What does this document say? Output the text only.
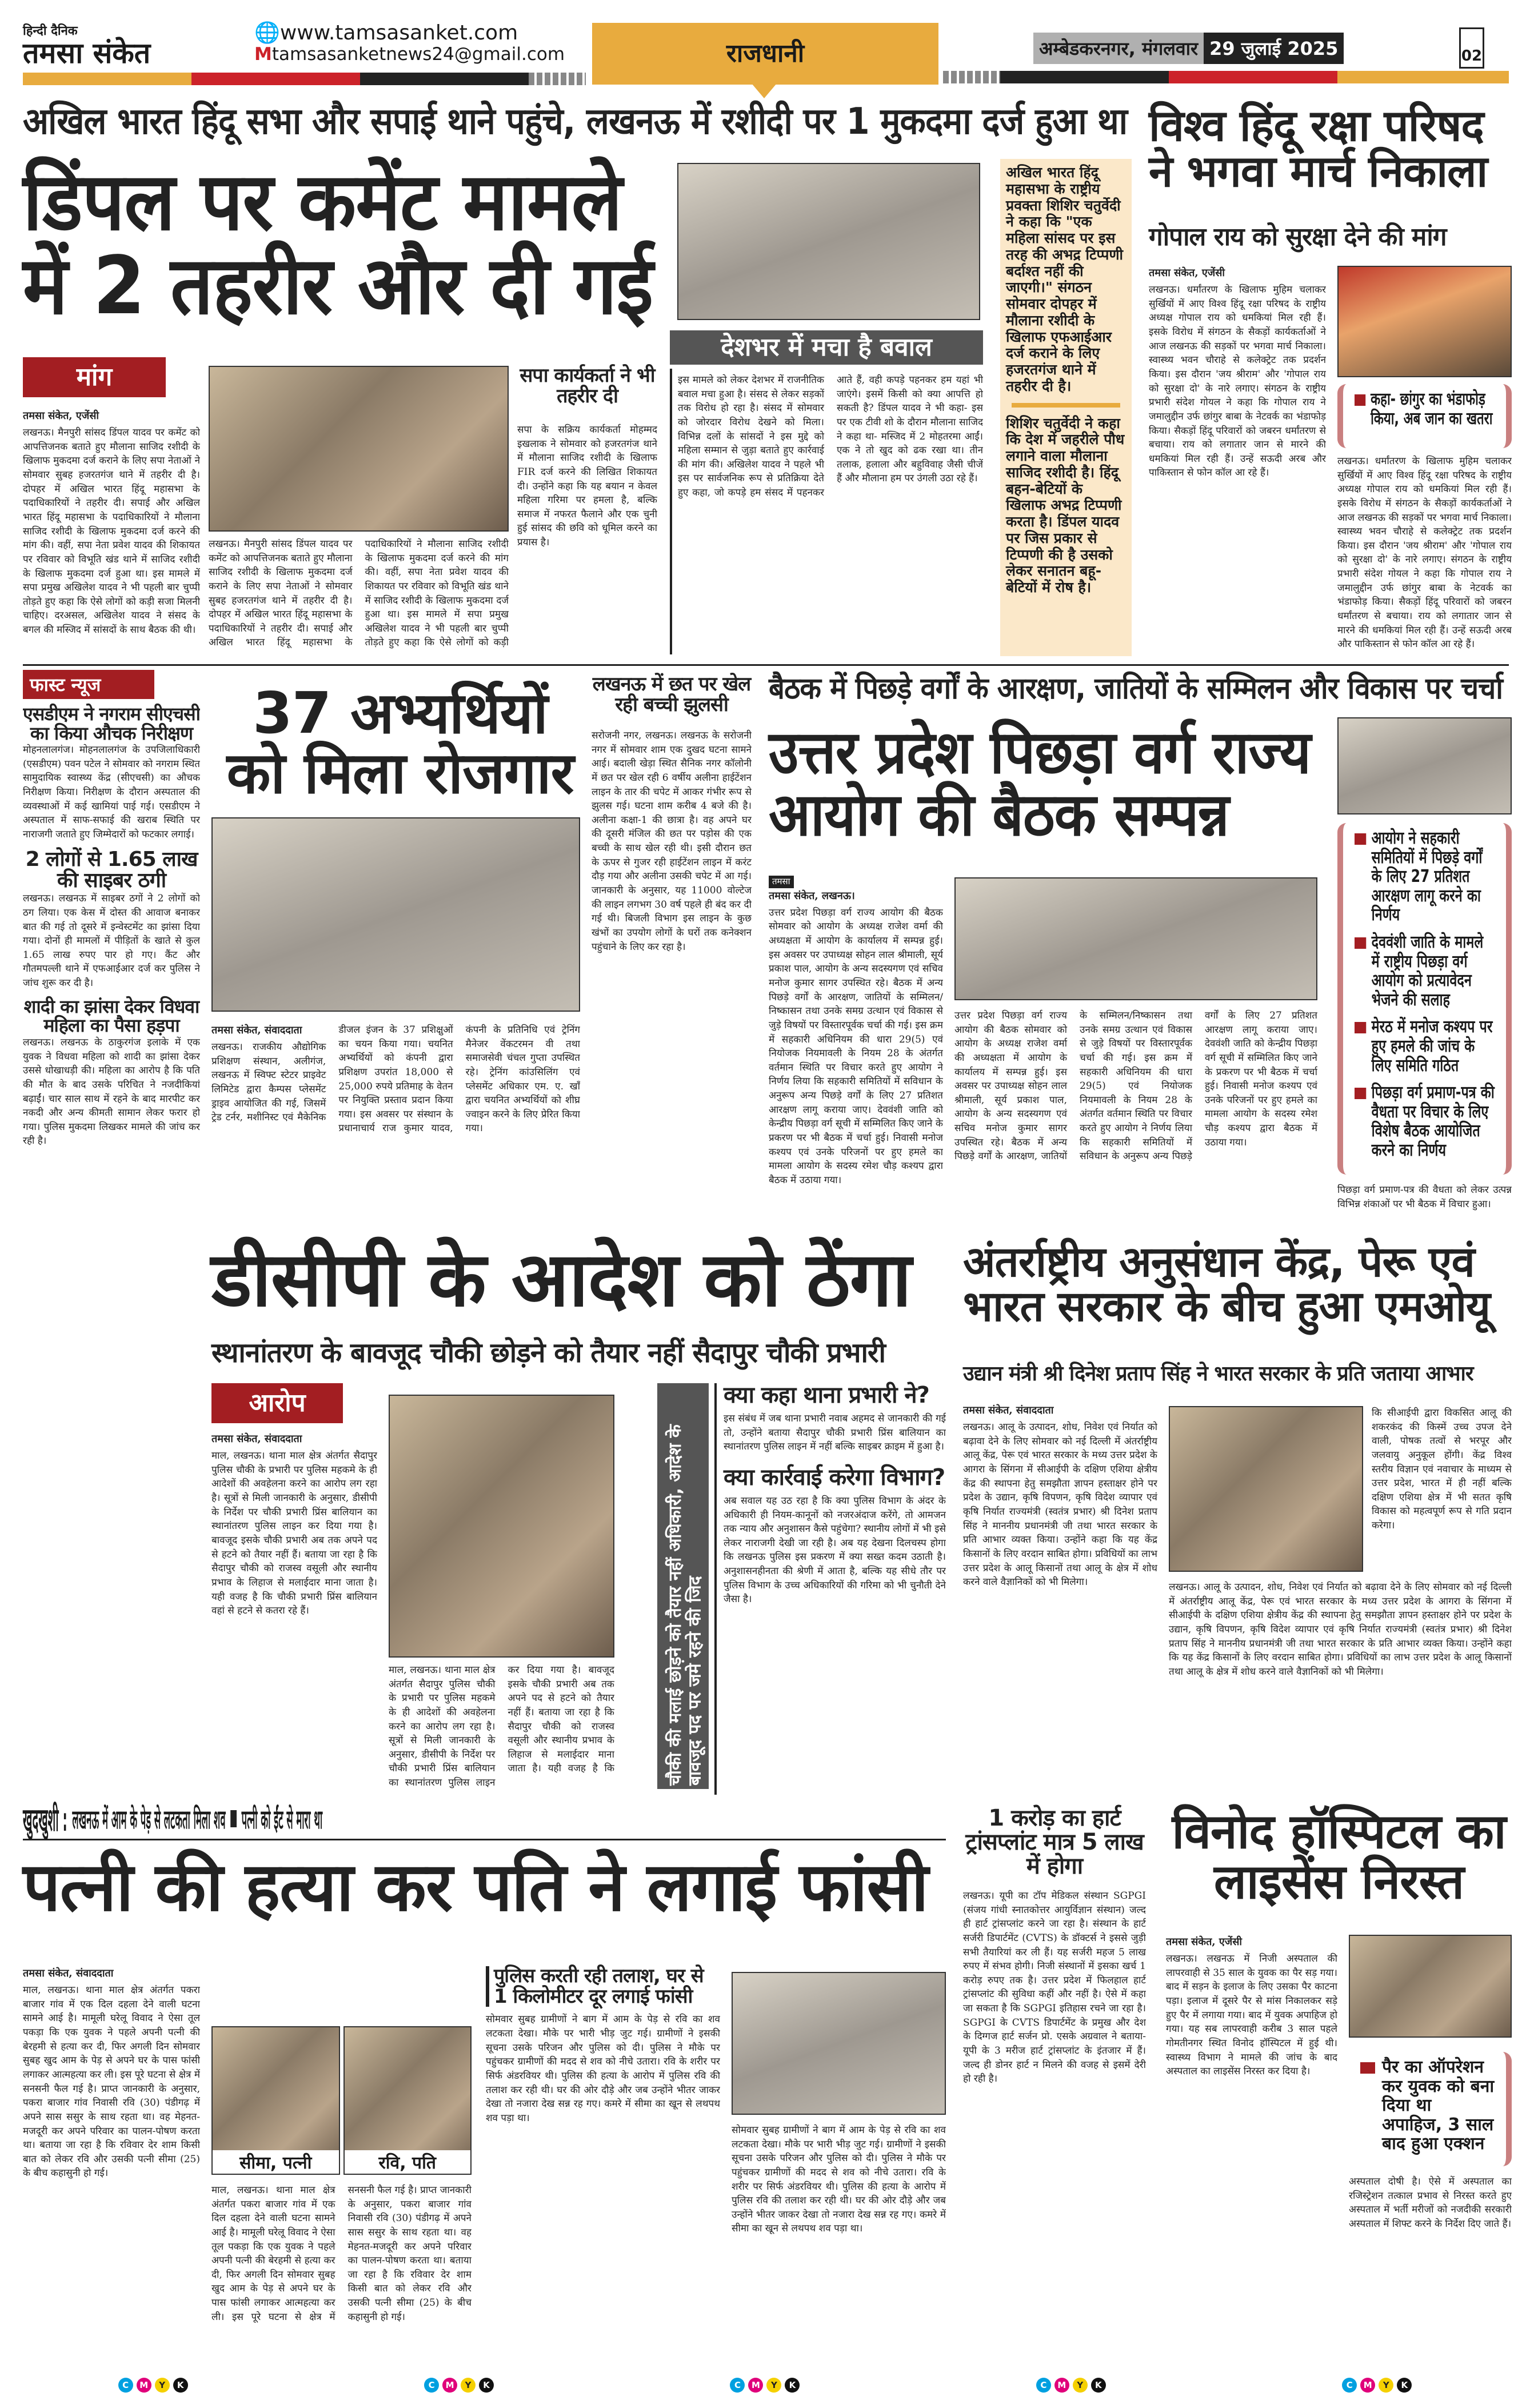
हिन्दी दैनिक
तमसा संकेत
🌐www.tamsasanket.com
Mtamsasanketnews24@gmail.com	राजधानी	अम्बेडकरनगर, मंगलवार 29 जुलाई 2025	02
अखिल भारत हिंदू सभा और सपाई थाने पहुंचे, लखनऊ में रशीदी पर 1 मुकदमा दर्ज हुआ था
डिंपल पर कमेंट मामले में 2 तहरीर और दी गई
मांग
तमसा संकेत, एजेंसी

लखनऊ। मैनपुरी सांसद डिंपल यादव पर कमेंट को आपत्तिजनक बताते हुए मौलाना साजिद रशीदी के खिलाफ मुकदमा दर्ज कराने के लिए सपा नेताओं ने सोमवार सुबह हजरतगंज थाने में तहरीर दी है। दोपहर में अखिल भारत हिंदू महासभा के पदाधिकारियों ने तहरीर दी। सपाई और अखिल भारत हिंदू महासभा के पदाधिकारियों ने मौलाना साजिद रशीदी के खिलाफ मुकदमा दर्ज करने की मांग की। वहीं, सपा नेता प्रवेश यादव की शिकायत पर रविवार को विभूति खंड थाने में साजिद रशीदी के खिलाफ मुकदमा दर्ज हुआ था। इस मामले में सपा प्रमुख अखिलेश यादव ने भी पहली बार चुप्पी तोड़ते हुए कहा कि ऐसे लोगों को कड़ी सजा मिलनी चाहिए। दरअसल, अखिलेश यादव ने संसद के बगल की मस्जिद में सांसदों के साथ बैठक की थी।

लखनऊ। मैनपुरी सांसद डिंपल यादव पर कमेंट को आपत्तिजनक बताते हुए मौलाना साजिद रशीदी के खिलाफ मुकदमा दर्ज कराने के लिए सपा नेताओं ने सोमवार सुबह हजरतगंज थाने में तहरीर दी है। दोपहर में अखिल भारत हिंदू महासभा के पदाधिकारियों ने तहरीर दी। सपाई और अखिल भारत हिंदू महासभा के पदाधिकारियों ने मौलाना साजिद रशीदी के खिलाफ मुकदमा दर्ज करने की मांग की। वहीं, सपा नेता प्रवेश यादव की शिकायत पर रविवार को विभूति खंड थाने में साजिद रशीदी के खिलाफ मुकदमा दर्ज हुआ था। इस मामले में सपा प्रमुख अखिलेश यादव ने भी पहली बार चुप्पी तोड़ते हुए कहा कि ऐसे लोगों को कड़ी

सपा कार्यकर्ता ने भी तहरीर दी
सपा के सक्रिय कार्यकर्ता मोहम्मद इखलाक ने सोमवार को हजरतगंज थाने में मौलाना साजिद रशीदी के खिलाफ FIR दर्ज करने की लिखित शिकायत दी। उन्होंने कहा कि यह बयान न केवल महिला गरिमा पर हमला है, बल्कि समाज में नफरत फैलाने और एक चुनी हुई सांसद की छवि को धूमिल करने का प्रयास है।
देशभर में मचा है बवाल
इस मामले को लेकर देशभर में राजनीतिक बवाल मचा हुआ है। संसद से लेकर सड़कों तक विरोध हो रहा है। संसद में सोमवार को जोरदार विरोध देखने को मिला। विभिन्न दलों के सांसदों ने इस मुद्दे को महिला सम्मान से जुड़ा बताते हुए कार्रवाई की मांग की। अखिलेश यादव ने पहले भी इस पर सार्वजनिक रूप से प्रतिक्रिया देते हुए कहा, जो कपड़े हम संसद में पहनकर आते हैं, वही कपड़े पहनकर हम यहां भी जाएंगे। इसमें किसी को क्या आपत्ति हो सकती है? डिंपल यादव ने भी कहा- इस पर एक टीवी शो के दौरान मौलाना साजिद ने कहा था- मस्जिद में 2 मोहतरमा आईं। एक ने तो खुद को ढक रखा था। तीन तलाक, हलाला और बहुविवाह जैसी चीजें हैं और मौलाना हम पर उंगली उठा रहे हैं।
अखिल भारत हिंदू महासभा के राष्ट्रीय प्रवक्ता शिशिर चतुर्वेदी ने कहा कि "एक महिला सांसद पर इस तरह की अभद्र टिप्पणी बर्दाश्त नहीं की जाएगी।" संगठन सोमवार दोपहर में मौलाना रशीदी के खिलाफ एफआईआर दर्ज कराने के लिए हजरतगंज थाने में तहरीर दी है।
शिशिर चतुर्वेदी ने कहा कि देश में जहरीले पौध लगाने वाला मौलाना साजिद रशीदी है। हिंदू बहन-बेटियों के खिलाफ अभद्र टिप्पणी करता है। डिंपल यादव पर जिस प्रकार से टिप्पणी की है उसको लेकर सनातन बहू-बेटियों में रोष है।
विश्व हिंदू रक्षा परिषद ने भगवा मार्च निकाला
गोपाल राय को सुरक्षा देने की मांग
तमसा संकेत, एजेंसी

लखनऊ। धर्मांतरण के खिलाफ मुहिम चलाकर सुर्खियों में आए विश्व हिंदू रक्षा परिषद के राष्ट्रीय अध्यक्ष गोपाल राय को धमकियां मिल रही हैं। इसके विरोध में संगठन के सैकड़ों कार्यकर्ताओं ने आज लखनऊ की सड़कों पर भगवा मार्च निकाला। स्वास्थ्य भवन चौराहे से कलेक्ट्रेट तक प्रदर्शन किया। इस दौरान 'जय श्रीराम' और 'गोपाल राय को सुरक्षा दो' के नारे लगाए। संगठन के राष्ट्रीय प्रभारी संदेश गोयल ने कहा कि गोपाल राय ने जमालुद्दीन उर्फ छांगुर बाबा के नेटवर्क का भंडाफोड़ किया। सैकड़ों हिंदू परिवारों को जबरन धर्मांतरण से बचाया। राय को लगातार जान से मारने की धमकियां मिल रही हैं। उन्हें सऊदी अरब और पाकिस्तान से फोन कॉल आ रहे हैं।

कहा- छांगुर का भंडाफोड़ किया, अब जान का खतरा
लखनऊ। धर्मांतरण के खिलाफ मुहिम चलाकर सुर्खियों में आए विश्व हिंदू रक्षा परिषद के राष्ट्रीय अध्यक्ष गोपाल राय को धमकियां मिल रही हैं। इसके विरोध में संगठन के सैकड़ों कार्यकर्ताओं ने आज लखनऊ की सड़कों पर भगवा मार्च निकाला। स्वास्थ्य भवन चौराहे से कलेक्ट्रेट तक प्रदर्शन किया। इस दौरान 'जय श्रीराम' और 'गोपाल राय को सुरक्षा दो' के नारे लगाए। संगठन के राष्ट्रीय प्रभारी संदेश गोयल ने कहा कि गोपाल राय ने जमालुद्दीन उर्फ छांगुर बाबा के नेटवर्क का भंडाफोड़ किया। सैकड़ों हिंदू परिवारों को जबरन धर्मांतरण से बचाया। राय को लगातार जान से मारने की धमकियां मिल रही हैं। उन्हें सऊदी अरब और पाकिस्तान से फोन कॉल आ रहे हैं।
फास्ट न्यूज
एसडीएम ने नगराम सीएचसी का किया औचक निरीक्षण

मोहनलालगंज। मोहनलालगंज के उपजिलाधिकारी (एसडीएम) पवन पटेल ने सोमवार को नगराम स्थित सामुदायिक स्वास्थ्य केंद्र (सीएचसी) का औचक निरीक्षण किया। निरीक्षण के दौरान अस्पताल की व्यवस्थाओं में कई खामियां पाई गई। एसडीएम ने अस्पताल में साफ-सफाई की खराब स्थिति पर नाराजगी जताते हुए जिम्मेदारों को फटकार लगाई।

2 लोगों से 1.65 लाख की साइबर ठगी

लखनऊ। लखनऊ में साइबर ठगों ने 2 लोगों को ठग लिया। एक केस में दोस्त की आवाज बनाकर बात की गई तो दूसरे में इन्वेस्टमेंट का झांसा दिया गया। दोनों ही मामलों में पीड़ितों के खाते से कुल 1.65 लाख रुपए पार हो गए। कैंट और गौतमपल्ली थाने में एफआईआर दर्ज कर पुलिस ने जांच शुरू कर दी है।

शादी का झांसा देकर विधवा महिला का पैसा हड़पा

लखनऊ। लखनऊ के ठाकुरगंज इलाके में एक युवक ने विधवा महिला को शादी का झांसा देकर उससे धोखाधड़ी की। महिला का आरोप है कि पति की मौत के बाद उसके परिचित ने नजदीकियां बढ़ाईं। चार साल साथ में रहने के बाद मारपीट कर नकदी और अन्य कीमती सामान लेकर फरार हो गया। पुलिस मुकदमा लिखकर मामले की जांच कर रही है।

37 अभ्यर्थियों को मिला रोजगार
तमसा संकेत, संवाददाता

लखनऊ। राजकीय औद्योगिक प्रशिक्षण संस्थान, अलीगंज, लखनऊ में स्विफ्ट स्टेटर प्राइवेट लिमिटेड द्वारा कैम्पस प्लेसमेंट ड्राइव आयोजित की गई, जिसमें ट्रेड टर्नर, मशीनिस्ट एवं मैकेनिक डीजल इंजन के 37 प्रशिक्षुओं का चयन किया गया। चयनित अभ्यर्थियों को कंपनी द्वारा प्रशिक्षण उपरांत 18,000 से 25,000 रुपये प्रतिमाह के वेतन पर नियुक्ति प्रस्ताव प्रदान किया गया। इस अवसर पर संस्थान के प्रधानाचार्य राज कुमार यादव, कंपनी के प्रतिनिधि एवं ट्रेनिंग मैनेजर वेंकटरमन वी तथा समाजसेवी चंचल गुप्ता उपस्थित रहे। ट्रेनिंग कांउसिलिंग एवं प्लेसमेंट अधिकार एम. ए. खाँ द्वारा चयनित अभ्यर्थियों को शीघ्र ज्वाइन करने के लिए प्रेरित किया गया।

लखनऊ में छत पर खेल रही बच्ची झुलसी
सरोजनी नगर, लखनऊ। लखनऊ के सरोजनी नगर में सोमवार शाम एक दुखद घटना सामने आई। बदाली खेड़ा स्थित सैनिक नगर कॉलोनी में छत पर खेल रही 6 वर्षीय अलीना हाईटेंशन लाइन के तार की चपेट में आकर गंभीर रूप से झुलस गई। घटना शाम करीब 4 बजे की है। अलीना कक्षा-1 की छात्रा है। वह अपने घर की दूसरी मंजिल की छत पर पड़ोस की एक बच्ची के साथ खेल रही थी। इसी दौरान छत के ऊपर से गुजर रही हाईटेंशन लाइन में करंट दौड़ गया और अलीना उसकी चपेट में आ गई। जानकारी के अनुसार, यह 11000 वोल्टेज की लाइन लगभग 30 वर्ष पहले ही बंद कर दी गई थी। बिजली विभाग इस लाइन के कुछ खंभों का उपयोग लोगों के घरों तक कनेक्शन पहुंचाने के लिए कर रहा है।
बैठक में पिछड़े वर्गों के आरक्षण, जातियों के सम्मिलन और विकास पर चर्चा
उत्तर प्रदेश पिछड़ा वर्ग राज्य आयोग की बैठक सम्पन्न	आयोग ने सहकारी समितियों में पिछड़े वर्गों के लिए 27 प्रतिशत आरक्षण लागू करने का निर्णय
देववंशी जाति के मामले में राष्ट्रीय पिछड़ा वर्ग आयोग को प्रत्यावेदन भेजने की सलाह
मेरठ में मनोज कश्यप पर हुए हमले की जांच के लिए समिति गठित
पिछड़ा वर्ग प्रमाण-पत्र की वैधता पर विचार के लिए विशेष बैठक आयोजित करने का निर्णय
तमसा
तमसा संकेत, लखनऊ।

उत्तर प्रदेश पिछड़ा वर्ग राज्य आयोग की बैठक सोमवार को आयोग के अध्यक्ष राजेश वर्मा की अध्यक्षता में आयोग के कार्यालय में सम्पन्न हुई। इस अवसर पर उपाध्यक्ष सोहन लाल श्रीमाली, सूर्य प्रकाश पाल, आयोग के अन्य सदस्यगण एवं सचिव मनोज कुमार सागर उपस्थित रहे। बैठक में अन्य पिछड़े वर्गों के आरक्षण, जातियों के सम्मिलन/निष्कासन तथा उनके समग्र उत्थान एवं विकास से जुड़े विषयों पर विस्तारपूर्वक चर्चा की गई। इस क्रम में सहकारी अधिनियम की धारा 29(5) एवं नियोजक नियमावली के नियम 28 के अंतर्गत वर्तमान स्थिति पर विचार करते हुए आयोग ने निर्णय लिया कि सहकारी समितियों में सविधान के अनुरूप अन्य पिछड़े वर्गों के लिए 27 प्रतिशत आरक्षण लागू कराया जाए। देववंशी जाति को केन्द्रीय पिछड़ा वर्ग सूची में सम्मिलित किए जाने के प्रकरण पर भी बैठक में चर्चा हुई। निवासी मनोज कश्यप एवं उनके परिजनों पर हुए हमले का मामला आयोग के सदस्य रमेश चौड़ कश्यप द्वारा बैठक में उठाया गया।

उत्तर प्रदेश पिछड़ा वर्ग राज्य आयोग की बैठक सोमवार को आयोग के अध्यक्ष राजेश वर्मा की अध्यक्षता में आयोग के कार्यालय में सम्पन्न हुई। इस अवसर पर उपाध्यक्ष सोहन लाल श्रीमाली, सूर्य प्रकाश पाल, आयोग के अन्य सदस्यगण एवं सचिव मनोज कुमार सागर उपस्थित रहे। बैठक में अन्य पिछड़े वर्गों के आरक्षण, जातियों के सम्मिलन/निष्कासन तथा उनके समग्र उत्थान एवं विकास से जुड़े विषयों पर विस्तारपूर्वक चर्चा की गई। इस क्रम में सहकारी अधिनियम की धारा 29(5) एवं नियोजक नियमावली के नियम 28 के अंतर्गत वर्तमान स्थिति पर विचार करते हुए आयोग ने निर्णय लिया कि सहकारी समितियों में सविधान के अनुरूप अन्य पिछड़े वर्गों के लिए 27 प्रतिशत आरक्षण लागू कराया जाए। देववंशी जाति को केन्द्रीय पिछड़ा वर्ग सूची में सम्मिलित किए जाने के प्रकरण पर भी बैठक में चर्चा हुई। निवासी मनोज कश्यप एवं उनके परिजनों पर हुए हमले का मामला आयोग के सदस्य रमेश चौड़ कश्यप द्वारा बैठक में उठाया गया।
पिछड़ा वर्ग प्रमाण-पत्र की वैधता को लेकर उत्पन्न विभिन्न शंकाओं पर भी बैठक में विचार हुआ।
डीसीपी के आदेश को ठेंगा
स्थानांतरण के बावजूद चौकी छोड़ने को तैयार नहीं सैदापुर चौकी प्रभारी
आरोप
तमसा संकेत, संवाददाता

माल, लखनऊ। थाना माल क्षेत्र अंतर्गत सैदापुर पुलिस चौकी के प्रभारी पर पुलिस महकमे के ही आदेशों की अवहेलना करने का आरोप लग रहा है। सूत्रों से मिली जानकारी के अनुसार, डीसीपी के निर्देश पर चौकी प्रभारी प्रिंस बालियान का स्थानांतरण पुलिस लाइन कर दिया गया है। बावजूद इसके चौकी प्रभारी अब तक अपने पद से हटने को तैयार नहीं हैं। बताया जा रहा है कि सैदापुर चौकी को राजस्व वसूली और स्थानीय प्रभाव के लिहाज से मलाईदार माना जाता है। यही वजह है कि चौकी प्रभारी प्रिंस बालियान वहां से हटने से कतरा रहे हैं।

माल, लखनऊ। थाना माल क्षेत्र अंतर्गत सैदापुर पुलिस चौकी के प्रभारी पर पुलिस महकमे के ही आदेशों की अवहेलना करने का आरोप लग रहा है। सूत्रों से मिली जानकारी के अनुसार, डीसीपी के निर्देश पर चौकी प्रभारी प्रिंस बालियान का स्थानांतरण पुलिस लाइन कर दिया गया है। बावजूद इसके चौकी प्रभारी अब तक अपने पद से हटने को तैयार नहीं हैं। बताया जा रहा है कि सैदापुर चौकी को राजस्व वसूली और स्थानीय प्रभाव के लिहाज से मलाईदार माना जाता है। यही वजह है कि	चौकी की मलाई छोड़ने को तैयार नहीं अधिकारी, आदेश के बावजूद पद पर जमे रहने की जिद
क्या कहा थाना प्रभारी ने?

इस संबंध में जब थाना प्रभारी नवाब अहमद से जानकारी की गई तो, उन्होंने बताया सैदापुर चौकी प्रभारी प्रिंस बालियान का स्थानांतरण पुलिस लाइन में नहीं बल्कि साइबर क्राइम में हुआ है।

क्या कार्रवाई करेगा विभाग?

अब सवाल यह उठ रहा है कि क्या पुलिस विभाग के अंदर के अधिकारी ही नियम-कानूनों को नजरअंदाज करेंगे, तो आमजन तक न्याय और अनुशासन कैसे पहुंचेगा? स्थानीय लोगों में भी इसे लेकर नाराजगी देखी जा रही है। अब यह देखना दिलचस्प होगा कि लखनऊ पुलिस इस प्रकरण में क्या सख्त कदम उठाती है। अनुशासनहीनता की श्रेणी में आता है, बल्कि यह सीधे तौर पर पुलिस विभाग के उच्च अधिकारियों की गरिमा को भी चुनौती देने जैसा है।

अंतर्राष्ट्रीय अनुसंधान केंद्र, पेरू एवं भारत सरकार के बीच हुआ एमओयू
उद्यान मंत्री श्री दिनेश प्रताप सिंह ने भारत सरकार के प्रति जताया आभार
तमसा संकेत, संवाददाता

लखनऊ। आलू के उत्पादन, शोध, निवेश एवं निर्यात को बढ़ावा देने के लिए सोमवार को नई दिल्ली में अंतर्राष्ट्रीय आलू केंद्र, पेरू एवं भारत सरकार के मध्य उत्तर प्रदेश के आगरा के सिंगना में सीआईपी के दक्षिण एशिया क्षेत्रीय केंद्र की स्थापना हेतु समझौता ज्ञापन हस्ताक्षर होने पर प्रदेश के उद्यान, कृषि विपणन, कृषि विदेश व्यापार एवं कृषि निर्यात राज्यमंत्री (स्वतंत्र प्रभार) श्री दिनेश प्रताप सिंह ने माननीय प्रधानमंत्री जी तथा भारत सरकार के प्रति आभार व्यक्त किया। उन्होंने कहा कि यह केंद्र किसानों के लिए वरदान साबित होगा। प्रविधियों का लाभ उत्तर प्रदेश के आलू किसानों तथा आलू के क्षेत्र में शोध करने वाले वैज्ञानिकों को भी मिलेगा।	लखनऊ। आलू के उत्पादन, शोध, निवेश एवं निर्यात को बढ़ावा देने के लिए सोमवार को नई दिल्ली में अंतर्राष्ट्रीय आलू केंद्र, पेरू एवं भारत सरकार के मध्य उत्तर प्रदेश के आगरा के सिंगना में सीआईपी के दक्षिण एशिया क्षेत्रीय केंद्र की स्थापना हेतु समझौता ज्ञापन हस्ताक्षर होने पर प्रदेश के उद्यान, कृषि विपणन, कृषि विदेश व्यापार एवं कृषि निर्यात राज्यमंत्री (स्वतंत्र प्रभार) श्री दिनेश प्रताप सिंह ने माननीय प्रधानमंत्री जी तथा भारत सरकार के प्रति आभार व्यक्त किया। उन्होंने कहा कि यह केंद्र किसानों के लिए वरदान साबित होगा। प्रविधियों का लाभ उत्तर प्रदेश के आलू किसानों तथा आलू के क्षेत्र में शोध करने वाले वैज्ञानिकों को भी मिलेगा।
कि सीआईपी द्वारा विकसित आलू की शकरकंद की किस्में उच्च उपज देने वाली, पोषक तत्वों से भरपूर और जलवायु अनुकूल होंगी। केंद्र विश्व स्तरीय विज्ञान एवं नवाचार के माध्यम से उत्तर प्रदेश, भारत में ही नहीं बल्कि दक्षिण एशिया क्षेत्र में भी सतत कृषि विकास को महत्वपूर्ण रूप से गति प्रदान करेगा।
खुदखुशी : लखनऊ में आम के पेड़ से लटकता मिला शव पत्नी को ईंट से मारा था
पत्नी की हत्या कर पति ने लगाई फांसी
तमसा संकेत, संवाददाता

माल, लखनऊ। थाना माल क्षेत्र अंतर्गत पकरा बाजार गांव में एक दिल दहला देने वाली घटना सामने आई है। मामूली घरेलू विवाद ने ऐसा तूल पकड़ा कि एक युवक ने पहले अपनी पत्नी की बेरहमी से हत्या कर दी, फिर अगली दिन सोमवार सुबह खुद आम के पेड़ से अपने घर के पास फांसी लगाकर आत्महत्या कर ली। इस पूरे घटना से क्षेत्र में सनसनी फैल गई है। प्राप्त जानकारी के अनुसार, पकरा बाजार गांव निवासी रवि (30) पंडीगढ़ में अपने सास ससुर के साथ रहता था। वह मेहनत-मजदूरी कर अपने परिवार का पालन-पोषण करता था। बताया जा रहा है कि रविवार देर शाम किसी बात को लेकर रवि और उसकी पत्नी सीमा (25) के बीच कहासुनी हो गई।

सीमा, पत्नी	रवि, पति
माल, लखनऊ। थाना माल क्षेत्र अंतर्गत पकरा बाजार गांव में एक दिल दहला देने वाली घटना सामने आई है। मामूली घरेलू विवाद ने ऐसा तूल पकड़ा कि एक युवक ने पहले अपनी पत्नी की बेरहमी से हत्या कर दी, फिर अगली दिन सोमवार सुबह खुद आम के पेड़ से अपने घर के पास फांसी लगाकर आत्महत्या कर ली। इस पूरे घटना से क्षेत्र में सनसनी फैल गई है। प्राप्त जानकारी के अनुसार, पकरा बाजार गांव निवासी रवि (30) पंडीगढ़ में अपने सास ससुर के साथ रहता था। वह मेहनत-मजदूरी कर अपने परिवार का पालन-पोषण करता था। बताया जा रहा है कि रविवार देर शाम किसी बात को लेकर रवि और उसकी पत्नी सीमा (25) के बीच कहासुनी हो गई।
पुलिस करती रही तलाश, घर से 1 किलोमीटर दूर लगाई फांसी

सोमवार सुबह ग्रामीणों ने बाग में आम के पेड़ से रवि का शव लटकता देखा। मौके पर भारी भीड़ जुट गई। ग्रामीणों ने इसकी सूचना उसके परिजन और पुलिस को दी। पुलिस ने मौके पर पहुंचकर ग्रामीणों की मदद से शव को नीचे उतारा। रवि के शरीर पर सिर्फ अंडरवियर थी। पुलिस की हत्या के आरोप में पुलिस रवि की तलाश कर रही थी। घर की ओर दौड़े और जब उन्होंने भीतर जाकर देखा तो नजारा देख सन्न रह गए। कमरे में सीमा का खून से लथपथ शव पड़ा था।

सोमवार सुबह ग्रामीणों ने बाग में आम के पेड़ से रवि का शव लटकता देखा। मौके पर भारी भीड़ जुट गई। ग्रामीणों ने इसकी सूचना उसके परिजन और पुलिस को दी। पुलिस ने मौके पर पहुंचकर ग्रामीणों की मदद से शव को नीचे उतारा। रवि के शरीर पर सिर्फ अंडरवियर थी। पुलिस की हत्या के आरोप में पुलिस रवि की तलाश कर रही थी। घर की ओर दौड़े और जब उन्होंने भीतर जाकर देखा तो नजारा देख सन्न रह गए। कमरे में सीमा का खून से लथपथ शव पड़ा था।
1 करोड़ का हार्ट ट्रांसप्लांट मात्र 5 लाख में होगा
लखनऊ। यूपी का टॉप मेडिकल संस्थान SGPGI (संजय गांधी स्नातकोत्तर आयुर्विज्ञान संस्थान) जल्द ही हार्ट ट्रांसप्लांट करने जा रहा है। संस्थान के हार्ट सर्जरी डिपार्टमेंट (CVTS) के डॉक्टर्स ने इससे जुड़ी सभी तैयारियां कर ली हैं। यह सर्जरी महज 5 लाख रुपए में संभव होगी। निजी संस्थानों में इसका खर्च 1 करोड़ रुपए तक है। उत्तर प्रदेश में फिलहाल हार्ट ट्रांसप्लांट की सुविधा कहीं और नहीं है। ऐसे में कहा जा सकता है कि SGPGI इतिहास रचने जा रहा है। SGPGI के CVTS डिपार्टमेंट के प्रमुख और देश के दिग्गज हार्ट सर्जन प्रो. एसके अग्रवाल ने बताया- यूपी के 3 मरीज हार्ट ट्रांसप्लांट के इंतजार में हैं। जल्द ही डोनर हार्ट न मिलने की वजह से इसमें देरी हो रही है।
विनोद हॉस्पिटल का लाइसेंस निरस्त
तमसा संकेत, एजेंसी

लखनऊ। लखनऊ में निजी अस्पताल की लापरवाही से 35 साल के युवक का पैर सड़ गया। बाद में सड़न के इलाज के लिए उसका पैर काटना पड़ा। इलाज में दूसरे पैर से मांस निकालकर सड़े हुए पैर में लगाया गया। बाद में युवक अपाहिज हो गया। यह सब लापरवाही करीब 3 साल पहले गोमतीनगर स्थित विनोद हॉस्पिटल में हुई थी। स्वास्थ्य विभाग ने मामले की जांच के बाद अस्पताल का लाइसेंस निरस्त कर दिया है।	पैर का ऑपरेशन कर युवक को बना दिया था अपाहिज, 3 साल बाद हुआ एक्शन
अस्पताल दोषी है। ऐसे में अस्पताल का रजिस्ट्रेशन तत्काल प्रभाव से निरस्त करते हुए अस्पताल में भर्ती मरीजों को नजदीकी सरकारी अस्पताल में शिफ्ट करने के निर्देश दिए जाते हैं।
C	M	Y	K	C	M	Y	K	C	M	Y	K	C	M	Y	K	C	M	Y	K
